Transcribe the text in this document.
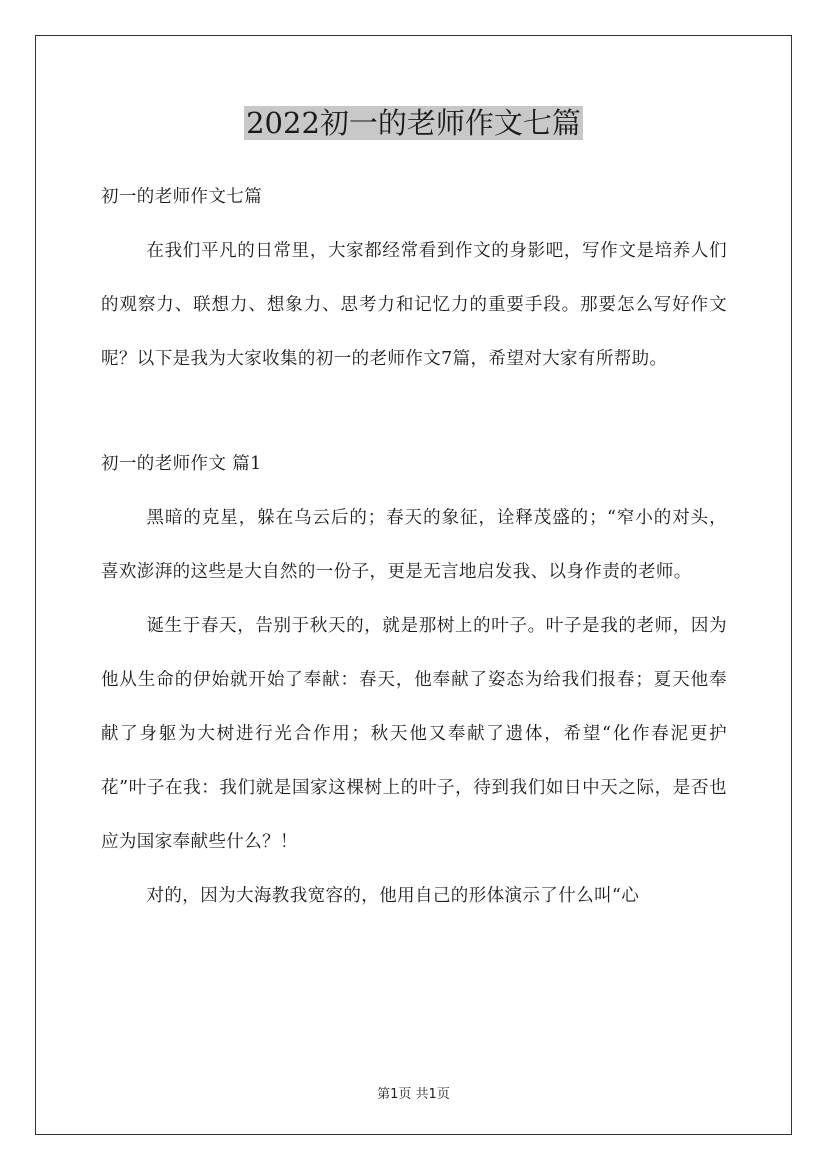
2022初一的老师作文七篇

初一的老师作文七篇

在我们平凡的日常里，大家都经常看到作文的身影吧，写作文是培养人们的观察力、联想力、想象力、思考力和记忆力的重要手段。那要怎么写好作文呢？以下是我为大家收集的初一的老师作文7篇，希望对大家有所帮助。

初一的老师作文 篇1

黑暗的克星，躲在乌云后的；春天的象征，诠释茂盛的；“窄小的对头，喜欢澎湃的这些是大自然的一份子，更是无言地启发我、以身作责的老师。

诞生于春天，告别于秋天的，就是那树上的叶子。叶子是我的老师，因为他从生命的伊始就开始了奉献：春天，他奉献了姿态为给我们报春；夏天他奉献了身躯为大树进行光合作用；秋天他又奉献了遗体，希望“化作春泥更护花”叶子在我：我们就是国家这棵树上的叶子，待到我们如日中天之际，是否也应为国家奉献些什么？！

对的，因为大海教我宽容的，他用自己的形体演示了什么叫“心

第1页 共1页
